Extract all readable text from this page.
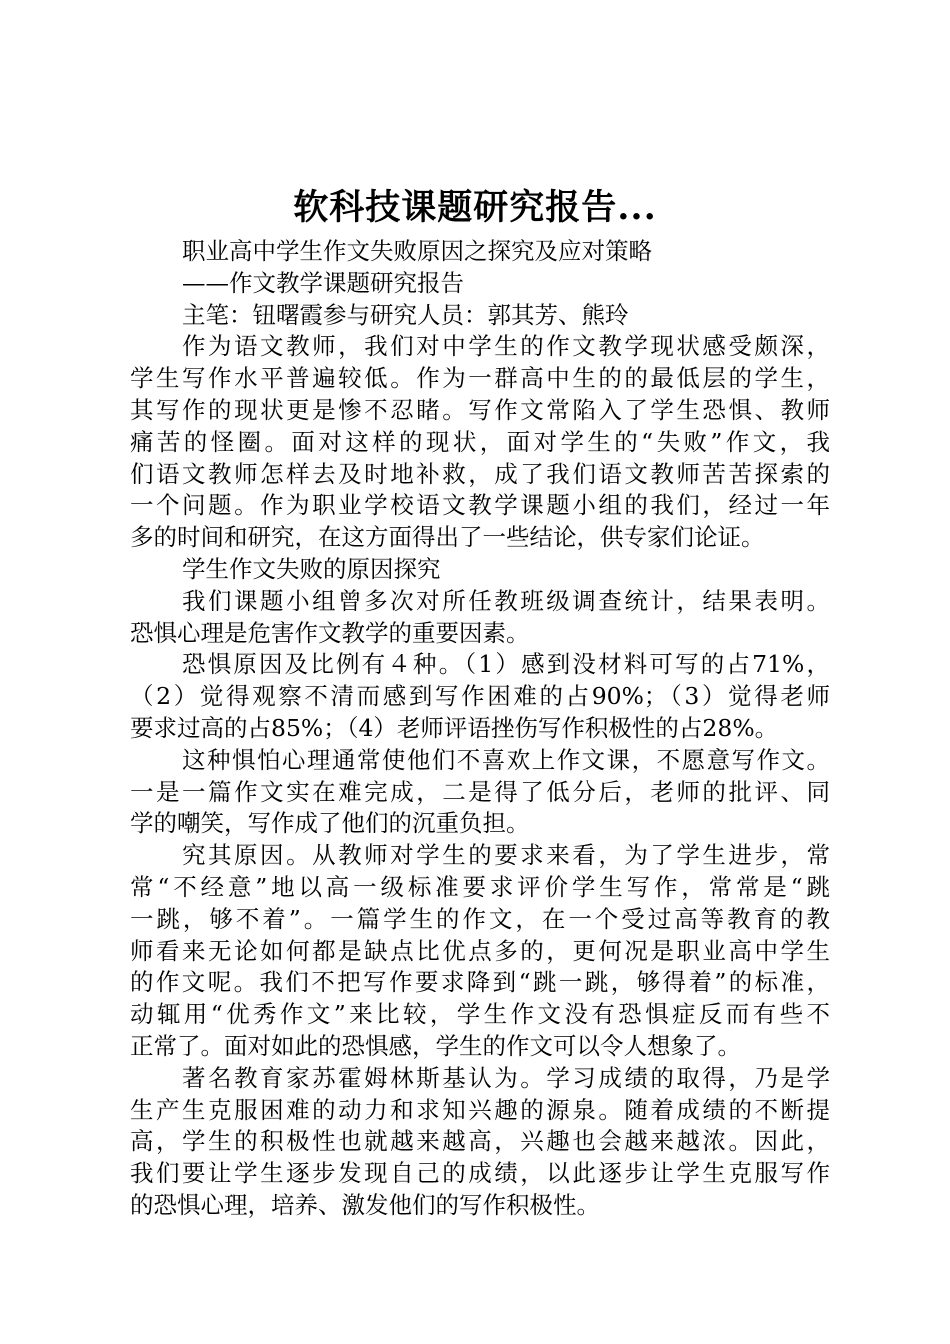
软科技课题研究报告...
职业高中学生作文失败原因之探究及应对策略
——作文教学课题研究报告
主笔：钮曙霞参与研究人员：郭其芳、熊玲
作为语文教师，我们对中学生的作文教学现状感受颇深，
学生写作水平普遍较低。作为一群高中生的的最低层的学生，
其写作的现状更是惨不忍睹。写作文常陷入了学生恐惧、教师
痛苦的怪圈。面对这样的现状，面对学生的“失败”作文，我
们语文教师怎样去及时地补救，成了我们语文教师苦苦探索的
一个问题。作为职业学校语文教学课题小组的我们，经过一年
多的时间和研究，在这方面得出了一些结论，供专家们论证。
学生作文失败的原因探究
我们课题小组曾多次对所任教班级调查统计，结果表明。
恐惧心理是危害作文教学的重要因素。
恐惧原因及比例有４种。（1）感到没材料可写的占71%，
（2）觉得观察不清而感到写作困难的占90%；（3）觉得老师
要求过高的占85%；（4）老师评语挫伤写作积极性的占28%。
这种惧怕心理通常使他们不喜欢上作文课，不愿意写作文。
一是一篇作文实在难完成，二是得了低分后，老师的批评、同
学的嘲笑，写作成了他们的沉重负担。
究其原因。从教师对学生的要求来看，为了学生进步，常
常“不经意”地以高一级标准要求评价学生写作，常常是“跳
一跳，够不着”。一篇学生的作文，在一个受过高等教育的教
师看来无论如何都是缺点比优点多的，更何况是职业高中学生
的作文呢。我们不把写作要求降到“跳一跳，够得着”的标准，
动辄用“优秀作文”来比较，学生作文没有恐惧症反而有些不
正常了。面对如此的恐惧感，学生的作文可以令人想象了。
著名教育家苏霍姆林斯基认为。学习成绩的取得，乃是学
生产生克服困难的动力和求知兴趣的源泉。随着成绩的不断提
高，学生的积极性也就越来越高，兴趣也会越来越浓。因此，
我们要让学生逐步发现自己的成绩，以此逐步让学生克服写作
的恐惧心理，培养、激发他们的写作积极性。
